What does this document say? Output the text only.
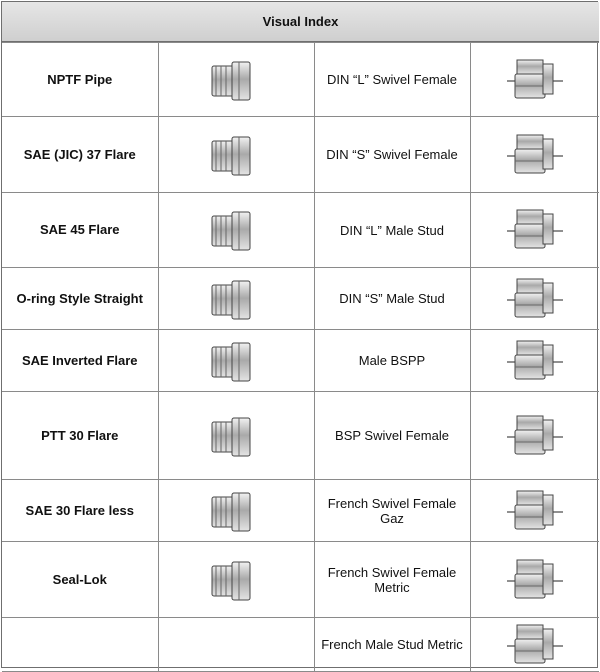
Visual Index
NPTF Pipe		DIN “L” Swivel Female

SAE (JIC) 37 Flare		DIN “S” Swivel Female

SAE 45 Flare		DIN “L” Male Stud

O-ring Style Straight		DIN “S” Male Stud

SAE Inverted Flare		Male BSPP

PTT 30 Flare		BSP Swivel Female

SAE 30 Flare less		French Swivel Female Gaz

Seal-Lok		French Swivel Female Metric

		French Male Stud Metric
